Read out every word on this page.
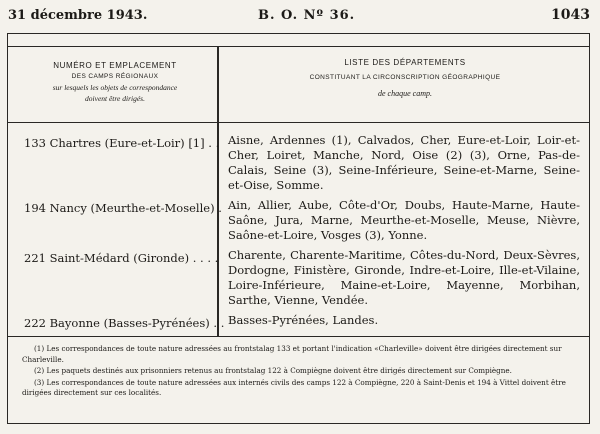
31 décembre 1943.	B. O. Nº 36.	1043
NUMÉRO ET EMPLACEMENT
DES CAMPS RÉGIONAUX
sur lesquels les objets de correspondance
doivent être dirigés.
LISTE DES DÉPARTEMENTS
CONSTITUANT LA CIRCONSCRIPTION GÉOGRAPHIQUE
de chaque camp.
133 Chartres (Eure-et-Loir) [1] . . Aisne, Ardennes (1), Calvados, Cher, Eure-et-Loir, Loir-et-Cher, Loiret, Manche, Nord, Oise (2) (3), Orne, Pas-de-Calais, Seine (3), Seine-Inférieure, Seine-et-Marne, Seine-et-Oise, Somme.
194 Nancy (Meurthe-et-Moselle) . Ain, Allier, Aube, Côte-d'Or, Doubs, Haute-Marne, Haute-Saône, Jura, Marne, Meurthe-et-Moselle, Meuse, Nièvre, Saône-et-Loire, Vosges (3), Yonne.
221 Saint-Médard (Gironde) . . . . Charente, Charente-Maritime, Côtes-du-Nord, Deux-Sèvres, Dordogne, Finistère, Gironde, Indre-et-Loire, Ille-et-Vilaine, Loire-Inférieure, Maine-et-Loire, Mayenne, Morbihan, Sarthe, Vienne, Vendée.
222 Bayonne (Basses-Pyrénées) . . Basses-Pyrénées, Landes.

(1) Les correspondances de toute nature adressées au frontstalag 133 et portant l'indication «Charleville» doivent être dirigées directement sur Charleville.

(2) Les paquets destinés aux prisonniers retenus au frontstalag 122 à Compiègne doivent être dirigés directement sur Compiègne.

(3) Les correspondances de toute nature adressées aux internés civils des camps 122 à Compiègne, 220 à Saint-Denis et 194 à Vittel doivent être dirigées directement sur ces localités.
